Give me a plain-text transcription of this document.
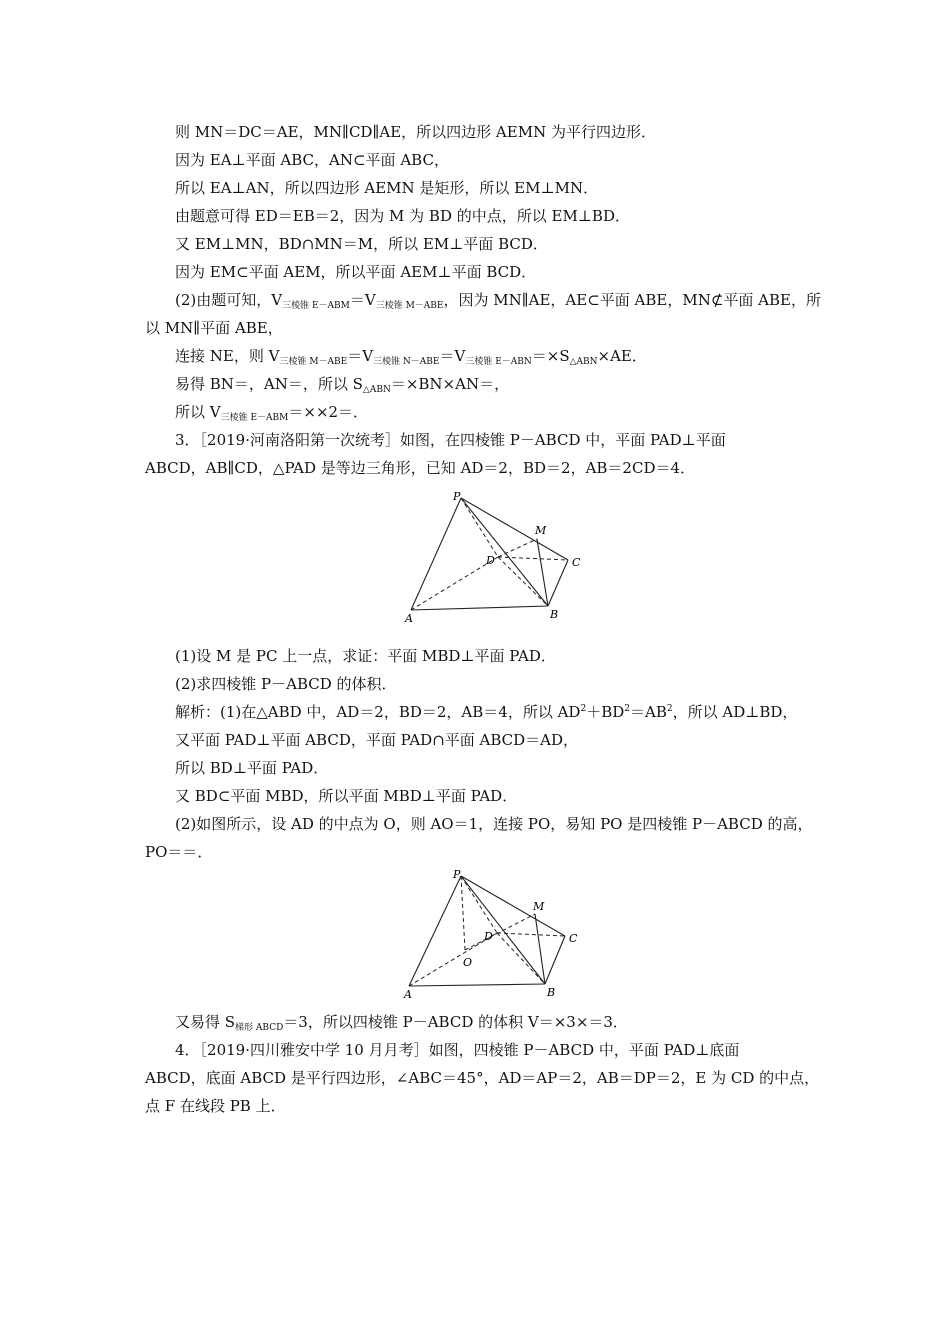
则 MN＝DC＝AE，MN∥CD∥AE，所以四边形 AEMN 为平行四边形．
因为 EA⊥平面 ABC，AN⊂平面 ABC，
所以 EA⊥AN，所以四边形 AEMN 是矩形，所以 EM⊥MN．
由题意可得 ED＝EB＝2，因为 M 为 BD 的中点，所以 EM⊥BD．
又 EM⊥MN，BD∩MN＝M，所以 EM⊥平面 BCD．
因为 EM⊂平面 AEM，所以平面 AEM⊥平面 BCD．
(2)由题可知，$V_{三棱锥 E-ABM}=V_{三棱锥 M-ABE}$，因为 MN∥AE，AE⊂平面 ABE，MN⊄平面 ABE，所
以 MN∥平面 ABE，
连接 NE，则 $V_{三棱锥 M-ABE}=V_{三棱锥 N-ABE}=V_{三棱锥 E-ABN}=\times S_{\triangle ABN}\times AE$．
易得 BN＝，AN＝，所以 $S_{\triangle ABN}=\times BN\times AN=$，
所以 $V_{三棱锥 E-ABM}=\times\times 2=$．
3．［2019·河南洛阳第一次统考］如图，在四棱锥 P－ABCD 中，平面 PAD⊥平面
ABCD，AB∥CD，△PAD 是等边三角形，已知 AD＝2，BD＝2，AB＝2CD＝4．
P
M
D	C
A	B
(1)设 M 是 PC 上一点，求证：平面 MBD⊥平面 PAD．
(2)求四棱锥 P－ABCD 的体积．
解析：(1)在△ABD 中，AD＝2，BD＝2，AB＝4，所以 $AD^2+BD^2=AB^2$，所以 AD⊥BD，
又平面 PAD⊥平面 ABCD，平面 PAD∩平面 ABCD＝AD，
所以 BD⊥平面 PAD．
又 BD⊂平面 MBD，所以平面 MBD⊥平面 PAD．
(2)如图所示，设 AD 的中点为 O，则 AO＝1，连接 PO，易知 PO 是四棱锥 P－ABCD 的高，
PO＝＝．
P
M
D	C
O
A	B
又易得 $S_{梯形 ABCD}=3$，所以四棱锥 P－ABCD 的体积 V＝×3×＝3．
4．［2019·四川雅安中学 10 月月考］如图，四棱锥 P－ABCD 中，平面 PAD⊥底面
ABCD，底面 ABCD 是平行四边形，∠ABC＝45°，AD＝AP＝2，AB＝DP＝2，E 为 CD 的中点，
点 F 在线段 PB 上．
